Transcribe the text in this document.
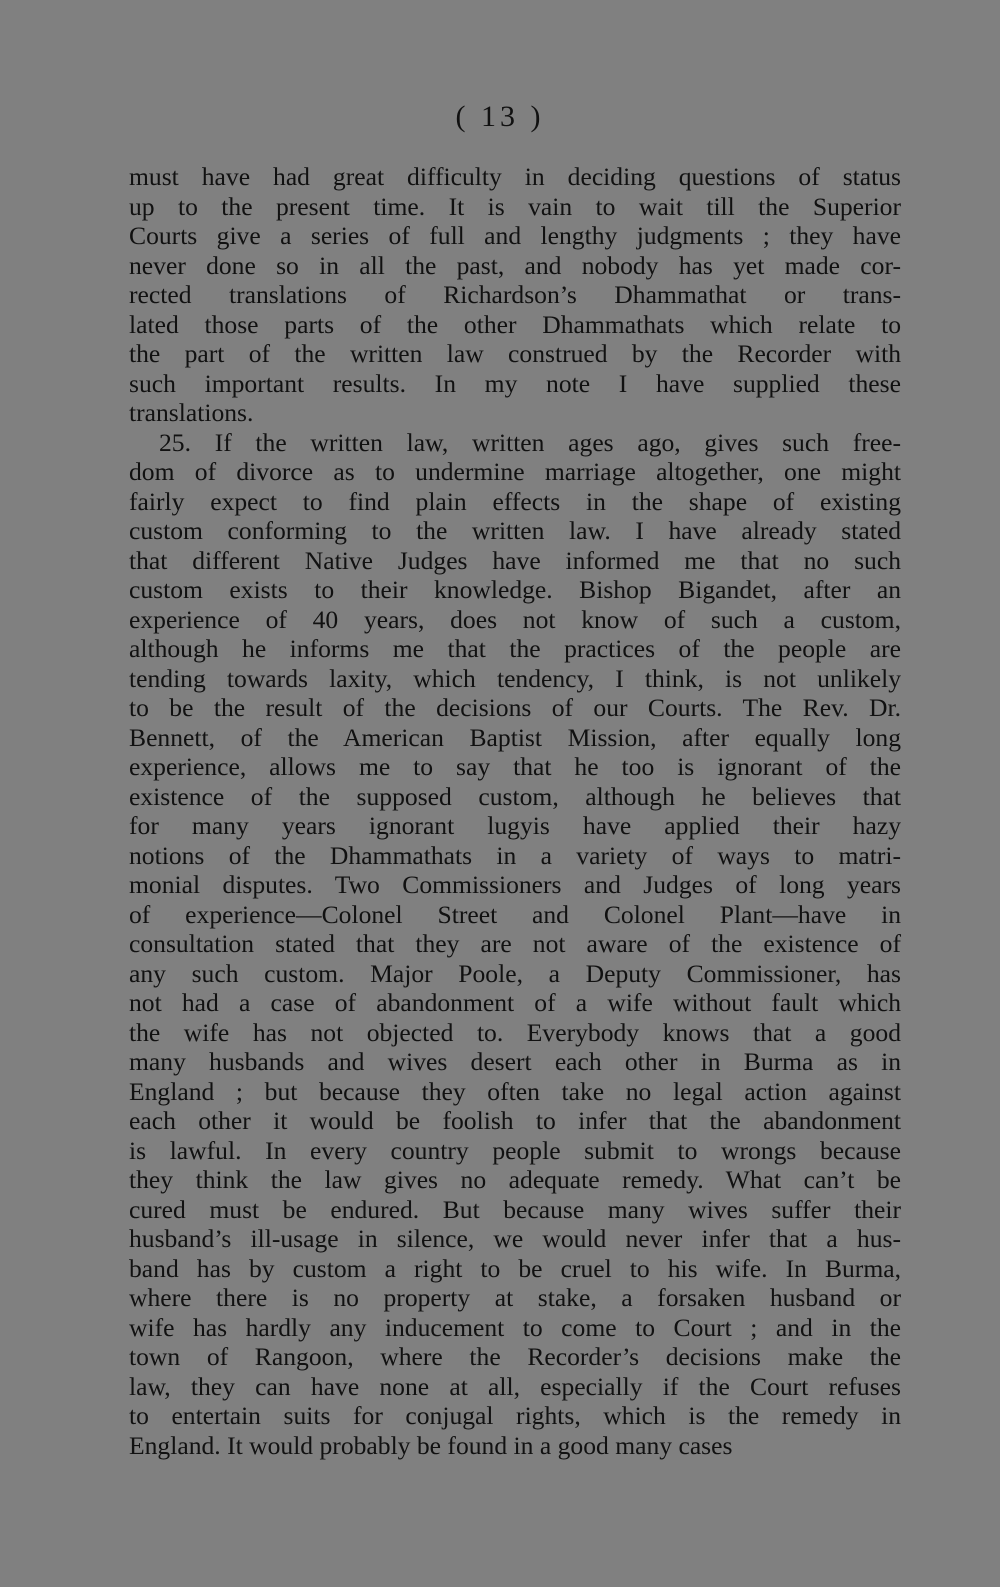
( 13 )
must have had great difficulty in deciding questions of status
up to the present time. It is vain to wait till the Superior
Courts give a series of full and lengthy judgments ; they have
never done so in all the past, and nobody has yet made cor-
rected translations of Richardson’s Dhammathat or trans-
lated those parts of the other Dhammathats which relate to
the part of the written law construed by the Recorder with
such important results. In my note I have supplied these
translations.
25. If the written law, written ages ago, gives such free-
dom of divorce as to undermine marriage altogether, one might
fairly expect to find plain effects in the shape of existing
custom conforming to the written law. I have already stated
that different Native Judges have informed me that no such
custom exists to their knowledge. Bishop Bigandet, after an
experience of 40 years, does not know of such a custom,
although he informs me that the practices of the people are
tending towards laxity, which tendency, I think, is not unlikely
to be the result of the decisions of our Courts. The Rev. Dr.
Bennett, of the American Baptist Mission, after equally long
experience, allows me to say that he too is ignorant of the
existence of the supposed custom, although he believes that
for many years ignorant lugyis have applied their hazy
notions of the Dhammathats in a variety of ways to matri-
monial disputes. Two Commissioners and Judges of long years
of experience—Colonel Street and Colonel Plant—have in
consultation stated that they are not aware of the existence of
any such custom. Major Poole, a Deputy Commissioner, has
not had a case of abandonment of a wife without fault which
the wife has not objected to. Everybody knows that a good
many husbands and wives desert each other in Burma as in
England ; but because they often take no legal action against
each other it would be foolish to infer that the abandonment
is lawful. In every country people submit to wrongs because
they think the law gives no adequate remedy. What can’t be
cured must be endured. But because many wives suffer their
husband’s ill-usage in silence, we would never infer that a hus-
band has by custom a right to be cruel to his wife. In Burma,
where there is no property at stake, a forsaken husband or
wife has hardly any inducement to come to Court ; and in the
town of Rangoon, where the Recorder’s decisions make the
law, they can have none at all, especially if the Court refuses
to entertain suits for conjugal rights, which is the remedy in
England. It would probably be found in a good many cases
